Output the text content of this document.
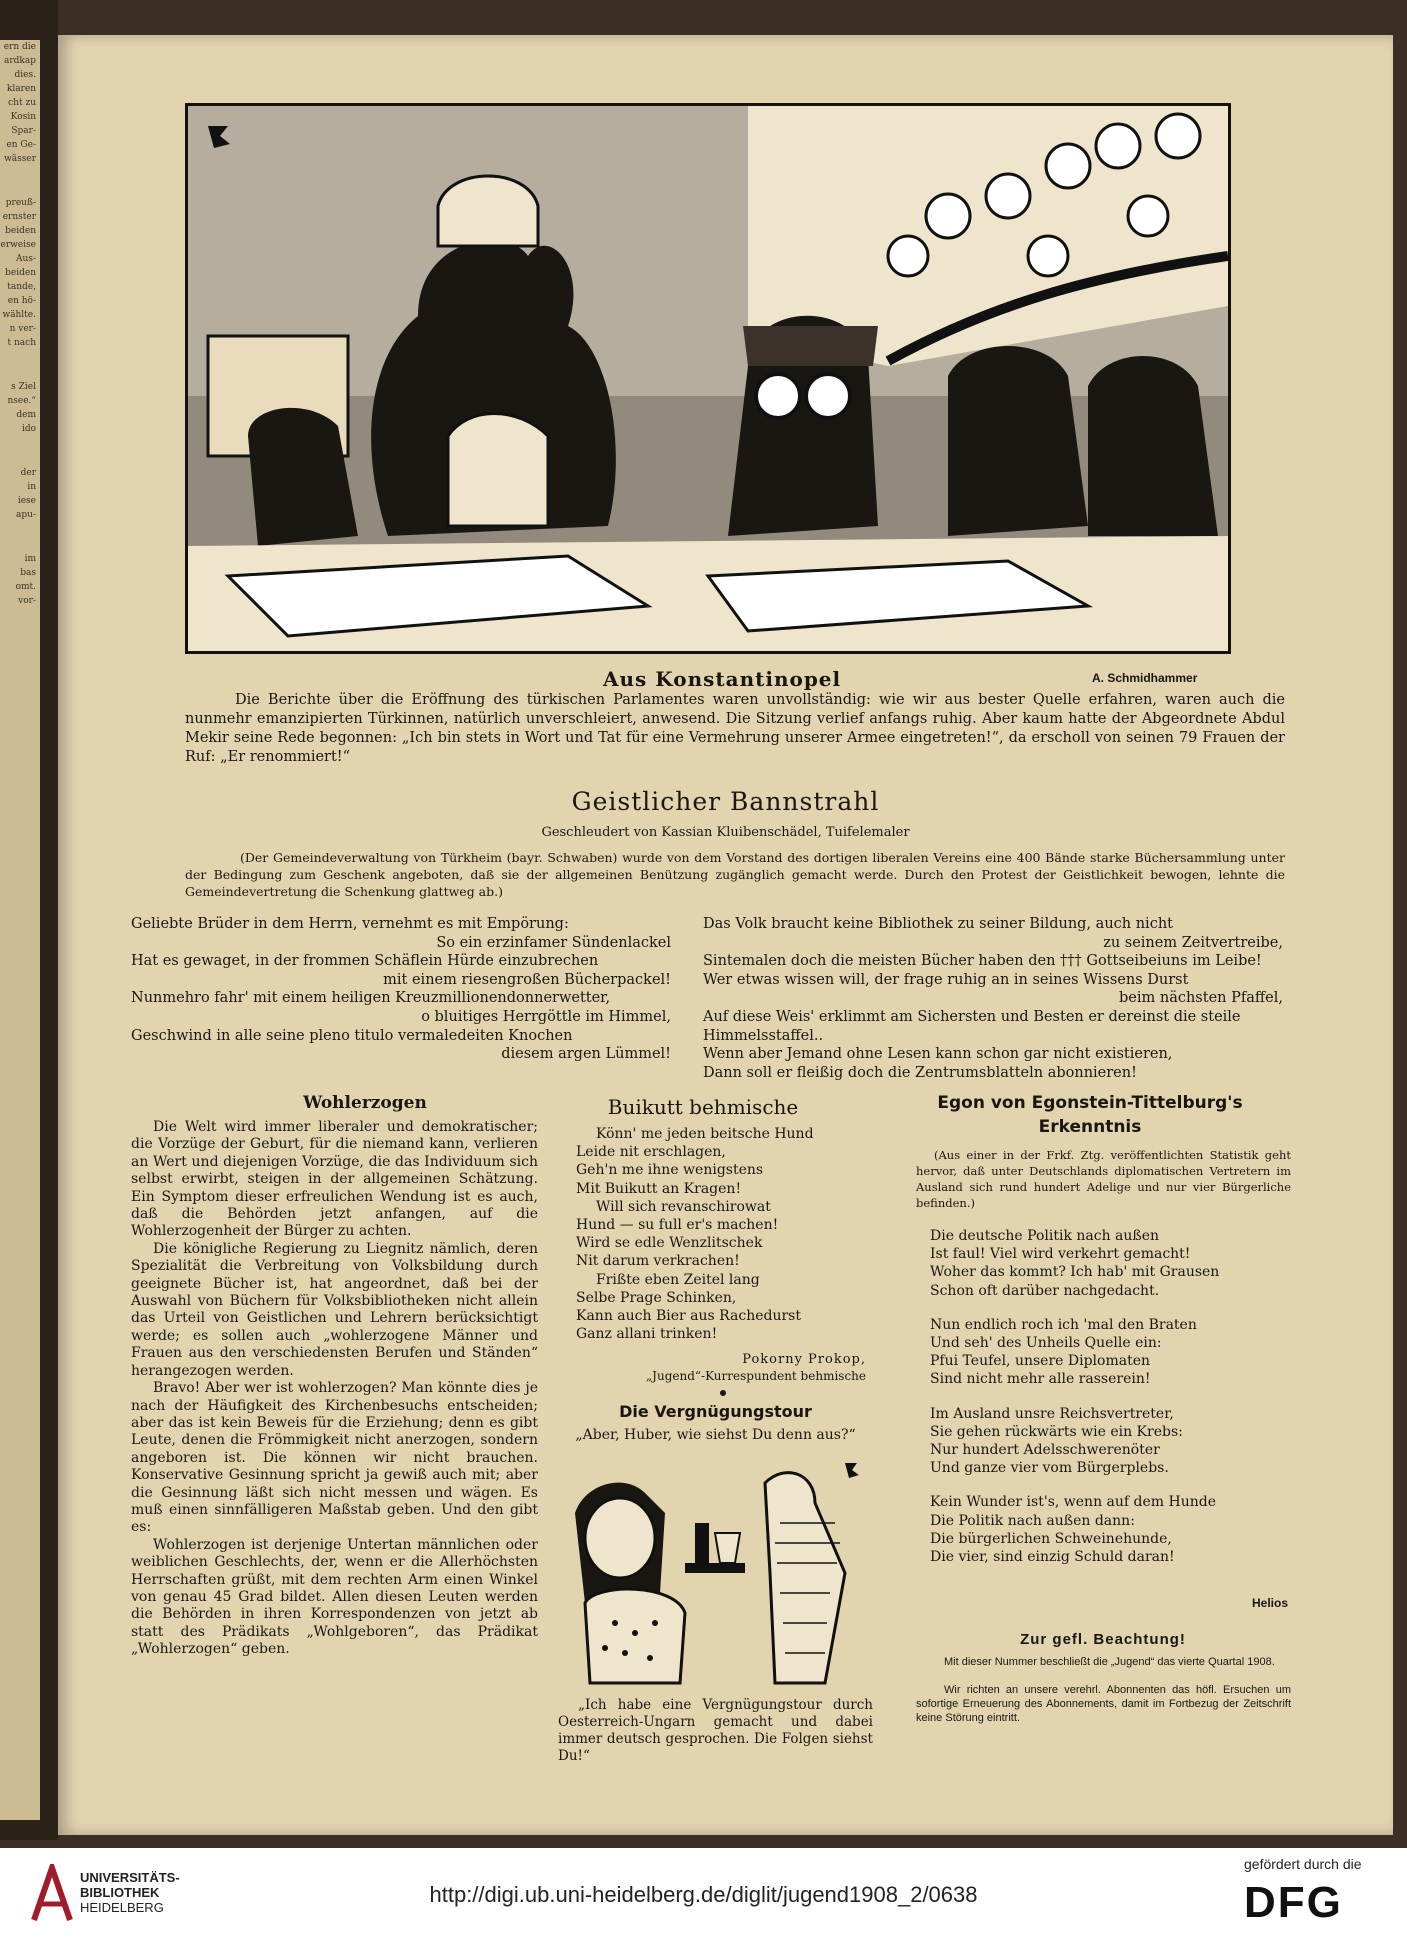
ern die
ardkap
dies.
klaren
cht zu
Kosin
Spar-
en Ge-
wässer
preuß-
ernster
beiden
erweise
Aus-
beiden
tande,
en hö-
wählte.
n ver-
t nach
s Ziel
nsee.“
dem
ido
der
in
iese
apu-
im
bas
omt.
vor-
Aus Konstantinopel	A. Schmidhammer
Die Berichte über die Eröffnung des türkischen Parlamentes waren unvollständig: wie wir aus bester Quelle erfahren, waren auch die nunmehr emanzipierten Türkinnen, natürlich unverschleiert, anwesend. Die Sitzung verlief anfangs ruhig. Aber kaum hatte der Abgeordnete Abdul Mekir seine Rede begonnen: „Ich bin stets in Wort und Tat für eine Vermehrung unserer Armee eingetreten!“, da erscholl von seinen 79 Frauen der Ruf: „Er renommiert!“
Geistlicher Bannstrahl
Geschleudert von Kassian Kluibenschädel, Tuifelemaler
(Der Gemeindeverwaltung von Türkheim (bayr. Schwaben) wurde von dem Vorstand des dortigen liberalen Vereins eine 400 Bände starke Büchersammlung unter der Bedingung zum Geschenk angeboten, daß sie der allgemeinen Benützung zugänglich gemacht werde. Durch den Protest der Geistlichkeit bewogen, lehnte die Gemeindevertretung die Schenkung glattweg ab.)
Geliebte Brüder in dem Herrn, vernehmt es mit Empörung:
So ein erzinfamer Sündenlackel
Hat es gewaget, in der frommen Schäflein Hürde einzubrechen
mit einem riesengroßen Bücherpackel!
Nunmehro fahr' mit einem heiligen Kreuzmillionendonnerwetter,
o bluitiges Herrgöttle im Himmel,
Geschwind in alle seine pleno titulo vermaledeiten Knochen
diesem argen Lümmel!
Das Volk braucht keine Bibliothek zu seiner Bildung, auch nicht
zu seinem Zeitvertreibe,
Sintemalen doch die meisten Bücher haben den ††† Gottseibeiuns im Leibe!
Wer etwas wissen will, der frage ruhig an in seines Wissens Durst
beim nächsten Pfaffel,
Auf diese Weis' erklimmt am Sichersten und Besten er dereinst die steile Himmelsstaffel..
Wenn aber Jemand ohne Lesen kann schon gar nicht existieren,
Dann soll er fleißig doch die Zentrumsblatteln abonnieren!
Wohlerzogen
Die Welt wird immer liberaler und demokratischer; die Vorzüge der Geburt, für die niemand kann, verlieren an Wert und diejenigen Vorzüge, die das Individuum sich selbst erwirbt, steigen in der allgemeinen Schätzung. Ein Symptom dieser erfreulichen Wendung ist es auch, daß die Behörden jetzt anfangen, auf die Wohlerzogenheit der Bürger zu achten.
Die königliche Regierung zu Liegnitz nämlich, deren Spezialität die Verbreitung von Volksbildung durch geeignete Bücher ist, hat angeordnet, daß bei der Auswahl von Büchern für Volksbibliotheken nicht allein das Urteil von Geistlichen und Lehrern berücksichtigt werde; es sollen auch „wohlerzogene Männer und Frauen aus den verschiedensten Berufen und Ständen“ herangezogen werden.
Bravo! Aber wer ist wohlerzogen? Man könnte dies je nach der Häufigkeit des Kirchenbesuchs entscheiden; aber das ist kein Beweis für die Erziehung; denn es gibt Leute, denen die Frömmigkeit nicht anerzogen, sondern angeboren ist. Die können wir nicht brauchen. Konservative Gesinnung spricht ja gewiß auch mit; aber die Gesinnung läßt sich nicht messen und wägen. Es muß einen sinnfälligeren Maßstab geben. Und den gibt es:
Wohlerzogen ist derjenige Untertan männlichen oder weiblichen Geschlechts, der, wenn er die Allerhöchsten Herrschaften grüßt, mit dem rechten Arm einen Winkel von genau 45 Grad bildet. Allen diesen Leuten werden die Behörden in ihren Korrespondenzen von jetzt ab statt des Prädikats „Wohlgeboren“, das Prädikat „Wohlerzogen“ geben.
Buikutt behmische
Könn' me jeden beitsche Hund
Leide nit erschlagen,
Geh'n me ihne wenigstens
Mit Buikutt an Kragen!
Will sich revanschirowat
Hund — su full er's machen!
Wird se edle Wenzlitschek
Nit darum verkrachen!
Frißte eben Zeitel lang
Selbe Prage Schinken,
Kann auch Bier aus Rachedurst
Ganz allani trinken!
Pokorny Prokop,
„Jugend“-Kurrespundent behmische
Die Vergnügungstour
„Aber, Huber, wie siehst Du denn aus?“
„Ich habe eine Vergnügungstour durch Oesterreich-Ungarn gemacht und dabei immer deutsch gesprochen. Die Folgen siehst Du!“
Egon von Egonstein-Tittelburg's
Erkenntnis
(Aus einer in der Frkf. Ztg. veröffentlichten Statistik geht hervor, daß unter Deutschlands diplomatischen Vertretern im Ausland sich rund hundert Adelige und nur vier Bürgerliche befinden.)
Die deutsche Politik nach außen
Ist faul! Viel wird verkehrt gemacht!
Woher das kommt? Ich hab' mit Grausen
Schon oft darüber nachgedacht.
Nun endlich roch ich 'mal den Braten
Und seh' des Unheils Quelle ein:
Pfui Teufel, unsere Diplomaten
Sind nicht mehr alle rasserein!
Im Ausland unsre Reichsvertreter,
Sie gehen rückwärts wie ein Krebs:
Nur hundert Adelsschwerenöter
Und ganze vier vom Bürgerplebs.
Kein Wunder ist's, wenn auf dem Hunde
Die Politik nach außen dann:
Die bürgerlichen Schweinehunde,
Die vier, sind einzig Schuld daran!
Helios
Zur gefl. Beachtung!
Mit dieser Nummer beschließt die „Jugend“ das vierte Quartal 1908.
Wir richten an unsere verehrl. Abonnenten das höfl. Ersuchen um sofortige Erneuerung des Abonnements, damit im Fortbezug der Zeitschrift keine Störung eintritt.
UNIVERSITÄTS-
BIBLIOTHEK
HEIDELBERG
http://digi.ub.uni-heidelberg.de/diglit/jugend1908_2/0638
gefördert durch die
DFG
